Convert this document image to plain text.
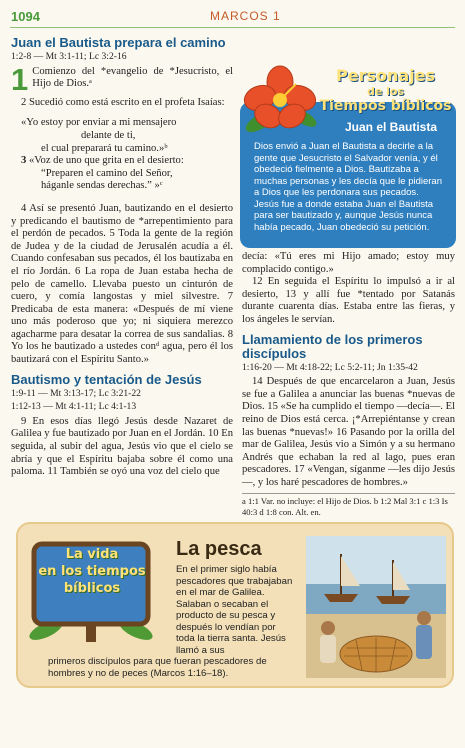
1094	MARCOS 1
Juan el Bautista prepara el camino
1:2-8 — Mt 3:1-11; Lc 3:2-16

1 Comienzo del *evangelio de *Jesucristo, el Hijo de Dios.ᵃ

2 Sucedió como está escrito en el profeta Isaías:

«Yo estoy por enviar a mi mensajero
delante de ti,
el cual preparará tu camino.»ᵇ
3 «Voz de uno que grita en el desierto:
“Preparen el camino del Señor,
háganle sendas derechas.” »ᶜ

4 Así se presentó Juan, bautizando en el desierto y predicando el bautismo de *arrepentimiento para el perdón de pecados. 5 Toda la gente de la región de Judea y de la ciudad de Jerusalén acudía a él. Cuando confesaban sus pecados, él los bautizaba en el río Jordán. 6 La ropa de Juan estaba hecha de pelo de camello. Llevaba puesto un cinturón de cuero, y comía langostas y miel silvestre. 7 Predicaba de esta manera: «Después de mí viene uno más poderoso que yo; ni siquiera merezco agacharme para desatar la correa de sus sandalias. 8 Yo los he bautizado a ustedes conᵈ agua, pero él los bautizará con el Espíritu Santo.»

Bautismo y tentación de Jesús
1:9-11 — Mt 3:13-17; Lc 3:21-22
1:12-13 — Mt 4:1-11; Lc 4:1-13

9 En esos días llegó Jesús desde Nazaret de Galilea y fue bautizado por Juan en el Jordán. 10 En seguida, al subir del agua, Jesús vio que el cielo se abría y que el Espíritu bajaba sobre él como una paloma. 11 También se oyó una voz del cielo que

Personajes
de los
Tiempos bíblicos
Juan el Bautista
Dios envió a Juan el Bautista a decirle a la gente que Jesucristo el Salvador venía, y él obedeció fielmente a Dios. Bautizaba a muchas personas y les decía que le pidieran a Dios que les perdonara sus pecados. Jesús fue a donde estaba Juan el Bautista para ser bautizado y, aunque Jesús nunca había pecado, Juan obedeció su petición.

decía: «Tú eres mi Hijo amado; estoy muy complacido contigo.»

12 En seguida el Espíritu lo impulsó a ir al desierto, 13 y allí fue *tentado por Satanás durante cuarenta días. Estaba entre las fieras, y los ángeles le servían.

Llamamiento de los primeros discípulos
1:16-20 — Mt 4:18-22; Lc 5:2-11; Jn 1:35-42

14 Después de que encarcelaron a Juan, Jesús se fue a Galilea a anunciar las buenas *nuevas de Dios. 15 «Se ha cumplido el tiempo —decía—. El reino de Dios está cerca. ¡*Arrepiéntanse y crean las buenas *nuevas!» 16 Pasando por la orilla del mar de Galilea, Jesús vio a Simón y a su hermano Andrés que echaban la red al lago, pues eran pescadores. 17 «Vengan, síganme —les dijo Jesús—, y los haré pescadores de hombres.»

a 1:1 Var. no incluye: el Hijo de Dios. b 1:2 Mal 3:1 c 1:3 Is 40:3 d 1:8 con. Alt. en.
La vida
en los tiempos
bíblicos
La pesca
En el primer siglo había pescadores que trabajaban en el mar de Galilea. Salaban o secaban el producto de su pesca y después lo vendían por toda la tierra santa. Jesús llamó a sus
primeros discípulos para que fueran pescadores de hombres y no de peces (Marcos 1:16–18).
